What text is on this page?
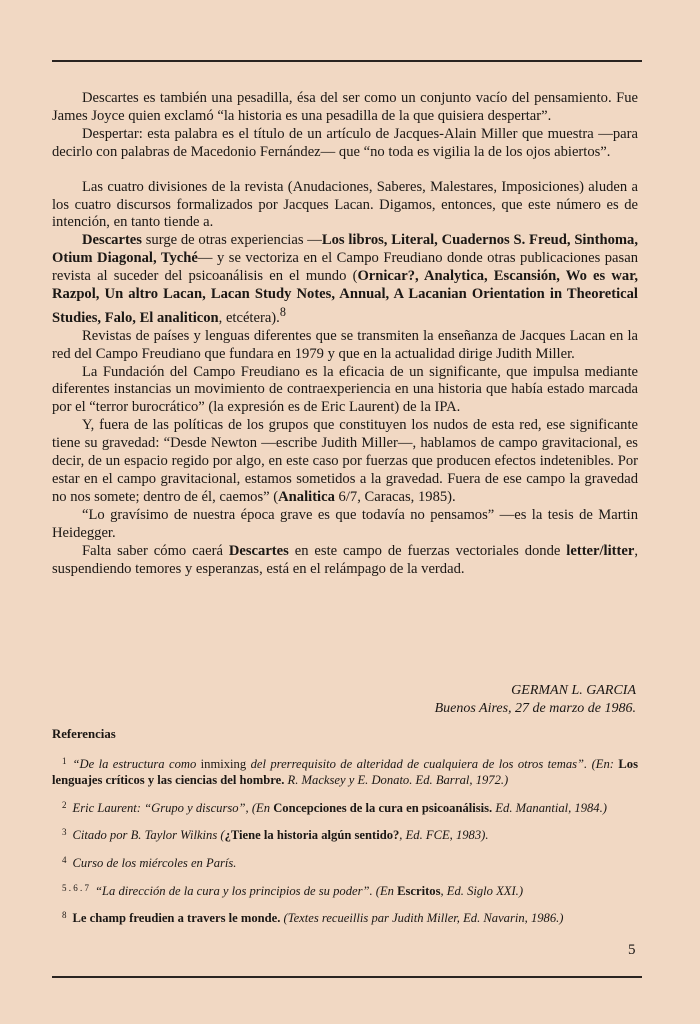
Descartes es también una pesadilla, ésa del ser como un conjunto vacío del pensamiento. Fue James Joyce quien exclamó “la historia es una pesadilla de la que quisiera despertar”.

Despertar: esta palabra es el título de un artículo de Jacques-Alain Miller que muestra —para decirlo con palabras de Macedonio Fernández— que “no toda es vigilia la de los ojos abiertos”.

Las cuatro divisiones de la revista (Anudaciones, Saberes, Malestares, Imposiciones) aluden a los cuatro discursos formalizados por Jacques Lacan. Digamos, entonces, que este número es de intención, en tanto tiende a.

Descartes surge de otras experiencias —Los libros, Literal, Cuadernos S. Freud, Sinthoma, Otium Diagonal, Tyché— y se vectoriza en el Campo Freudiano donde otras publicaciones pasan revista al suceder del psicoanálisis en el mundo (Ornicar?, Analytica, Escansión, Wo es war, Razpol, Un altro Lacan, Lacan Study Notes, Annual, A Lacanian Orientation in Theoretical Studies, Falo, El analiticon, etcétera).$^8$

Revistas de países y lenguas diferentes que se transmiten la enseñanza de Jacques Lacan en la red del Campo Freudiano que fundara en 1979 y que en la actualidad dirige Judith Miller.

La Fundación del Campo Freudiano es la eficacia de un significante, que impulsa mediante diferentes instancias un movimiento de contraexperiencia en una historia que había estado marcada por el “terror burocrático” (la expresión es de Eric Laurent) de la IPA.

Y, fuera de las políticas de los grupos que constituyen los nudos de esta red, ese significante tiene su gravedad: “Desde Newton —escribe Judith Miller—, hablamos de campo gravitacional, es decir, de un espacio regido por algo, en este caso por fuerzas que producen efectos indetenibles. Por estar en el campo gravitacional, estamos sometidos a la gravedad. Fuera de ese campo la gravedad no nos somete; dentro de él, caemos” (Analitica 6/7, Caracas, 1985).

“Lo gravísimo de nuestra época grave es que todavía no pensamos” —es la tesis de Martin Heidegger.

Falta saber cómo caerá Descartes en este campo de fuerzas vectoriales donde letter/litter, suspendiendo temores y esperanzas, está en el relámpago de la verdad.

GERMAN L. GARCIA
Buenos Aires, 27 de marzo de 1986.
Referencias
$^1$ “De la estructura como inmixing del prerrequisito de alteridad de cualquiera de los otros temas”. (En: Los lenguajes críticos y las ciencias del hombre. R. Macksey y E. Donato. Ed. Barral, 1972.)
$^2$ Eric Laurent: “Grupo y discurso”, (En Concepciones de la cura en psicoanálisis. Ed. Manantial, 1984.)
$^3$ Citado por B. Taylor Wilkins (¿Tiene la historia algún sentido?, Ed. FCE, 1983).
$^4$ Curso de los miércoles en París.
$^{5 . 6 . 7}$ “La dirección de la cura y los principios de su poder”. (En Escritos, Ed. Siglo XXI.)
$^8$ Le champ freudien a travers le monde. (Textes recueillis par Judith Miller, Ed. Navarin, 1986.)
5
